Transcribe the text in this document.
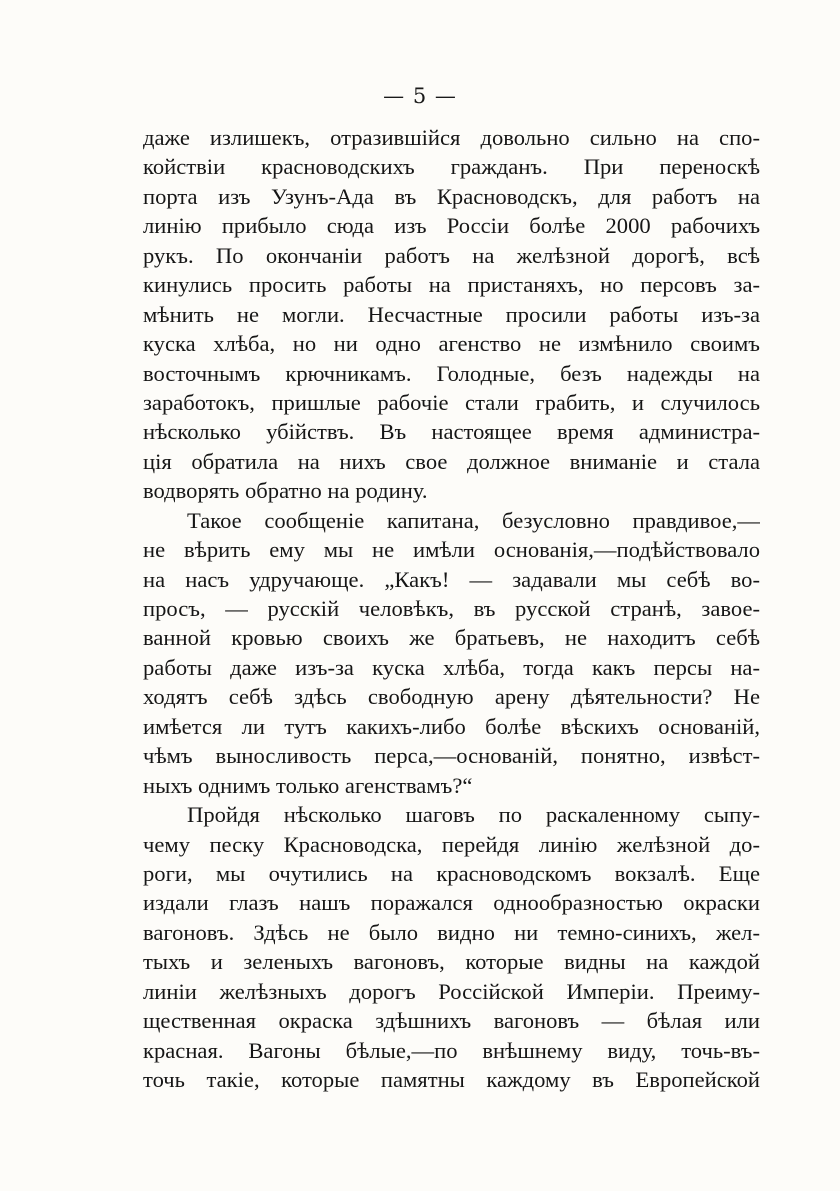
— 5 —
даже излишекъ, отразившійся довольно сильно на спо-
койствіи красноводскихъ гражданъ. При переноскѣ
порта изъ Узунъ-Ада въ Красноводскъ, для работъ на
линію прибыло сюда изъ Россіи болѣе 2000 рабочихъ
рукъ. По окончаніи работъ на желѣзной дорогѣ, всѣ
кинулись просить работы на пристаняхъ, но персовъ за-
мѣнить не могли. Несчастные просили работы изъ-за
куска хлѣба, но ни одно агенство не измѣнило своимъ
восточнымъ крючникамъ. Голодные, безъ надежды на
заработокъ, пришлые рабочіе стали грабить, и случилось
нѣсколько убійствъ. Въ настоящее время администра-
ція обратила на нихъ свое должное вниманіе и стала
водворять обратно на родину.
Такое сообщеніе капитана, безусловно правдивое,—
не вѣрить ему мы не имѣли основанія,—подѣйствовало
на насъ удручающе. „Какъ! — задавали мы себѣ во-
просъ, — русскій человѣкъ, въ русской странѣ, завое-
ванной кровью своихъ же братьевъ, не находитъ себѣ
работы даже изъ-за куска хлѣба, тогда какъ персы на-
ходятъ себѣ здѣсь свободную арену дѣятельности? Не
имѣется ли тутъ какихъ-либо болѣе вѣскихъ основаній,
чѣмъ выносливость перса,—основаній, понятно, извѣст-
ныхъ однимъ только агенствамъ?“
Пройдя нѣсколько шаговъ по раскаленному сыпу-
чему песку Красноводска, перейдя линію желѣзной до-
роги, мы очутились на красноводскомъ вокзалѣ. Еще
издали глазъ нашъ поражался однообразностью окраски
вагоновъ. Здѣсь не было видно ни темно-синихъ, жел-
тыхъ и зеленыхъ вагоновъ, которые видны на каждой
линіи желѣзныхъ дорогъ Россійской Имперіи. Преиму-
щественная окраска здѣшнихъ вагоновъ — бѣлая или
красная. Вагоны бѣлые,—по внѣшнему виду, точь-въ-
точь такіе, которые памятны каждому въ Европейской
